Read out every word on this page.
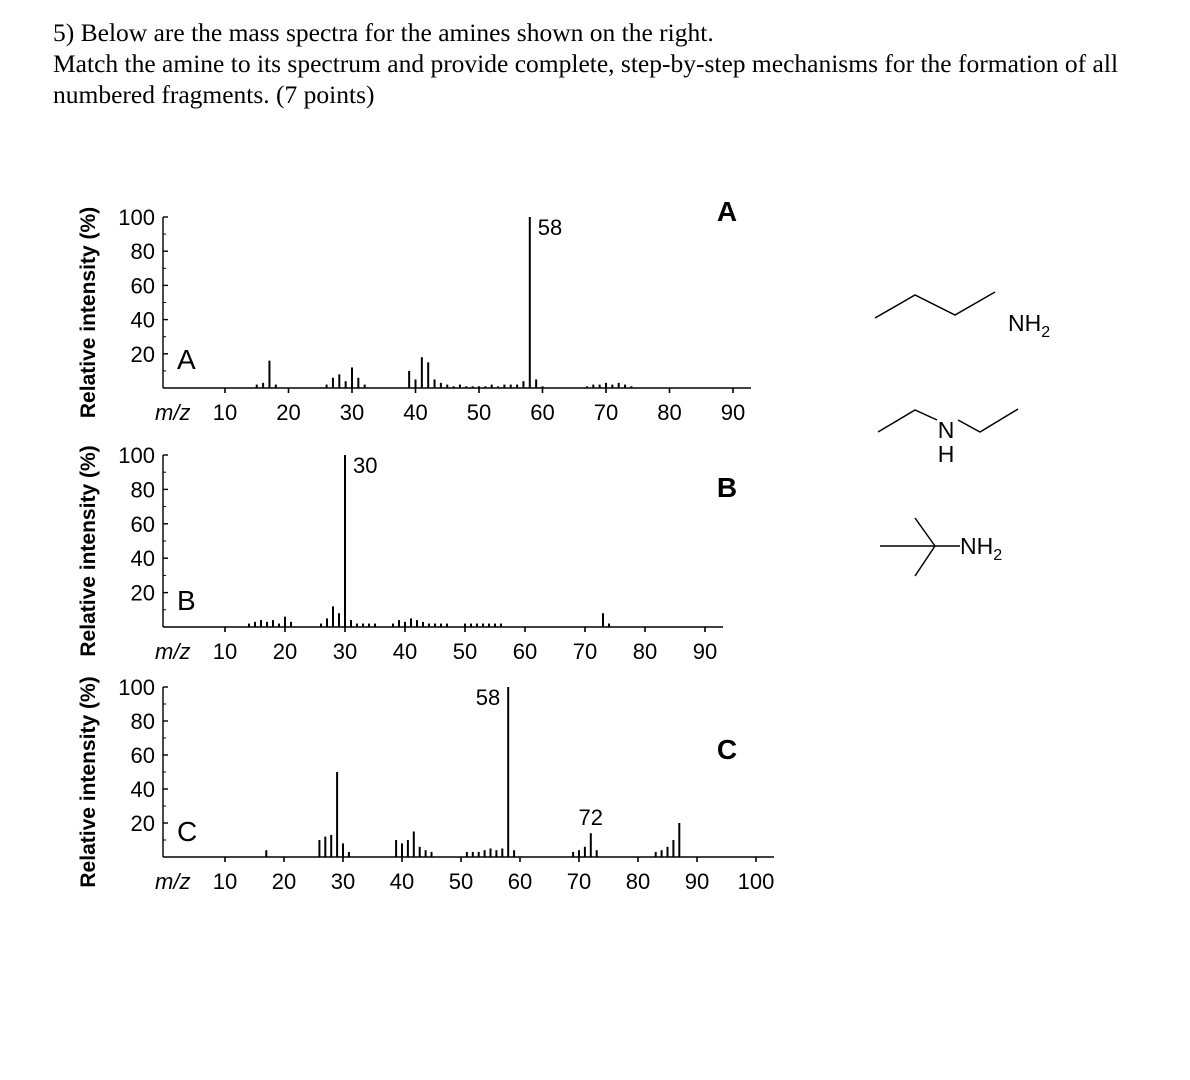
5) Below are the mass spectra for the amines shown on the right.
Match the amine to its spectrum and provide complete, step-by-step mechanisms for the formation of all
numbered fragments. (7 points)
20
40
60
80
100
Relative intensity (%)	10 20 30 40 50 60 70 80 90
m/z
58
A
A
20
40
60
80
100
Relative intensity (%)	10 20 30 40 50 60 70 80 90
m/z
30
B
B
20
40
60
80
100
Relative intensity (%)	10 20 30 40 50 60 70 80 90 100
m/z
58
72
C
C
$NH_2$
N
H
$NH_2$
